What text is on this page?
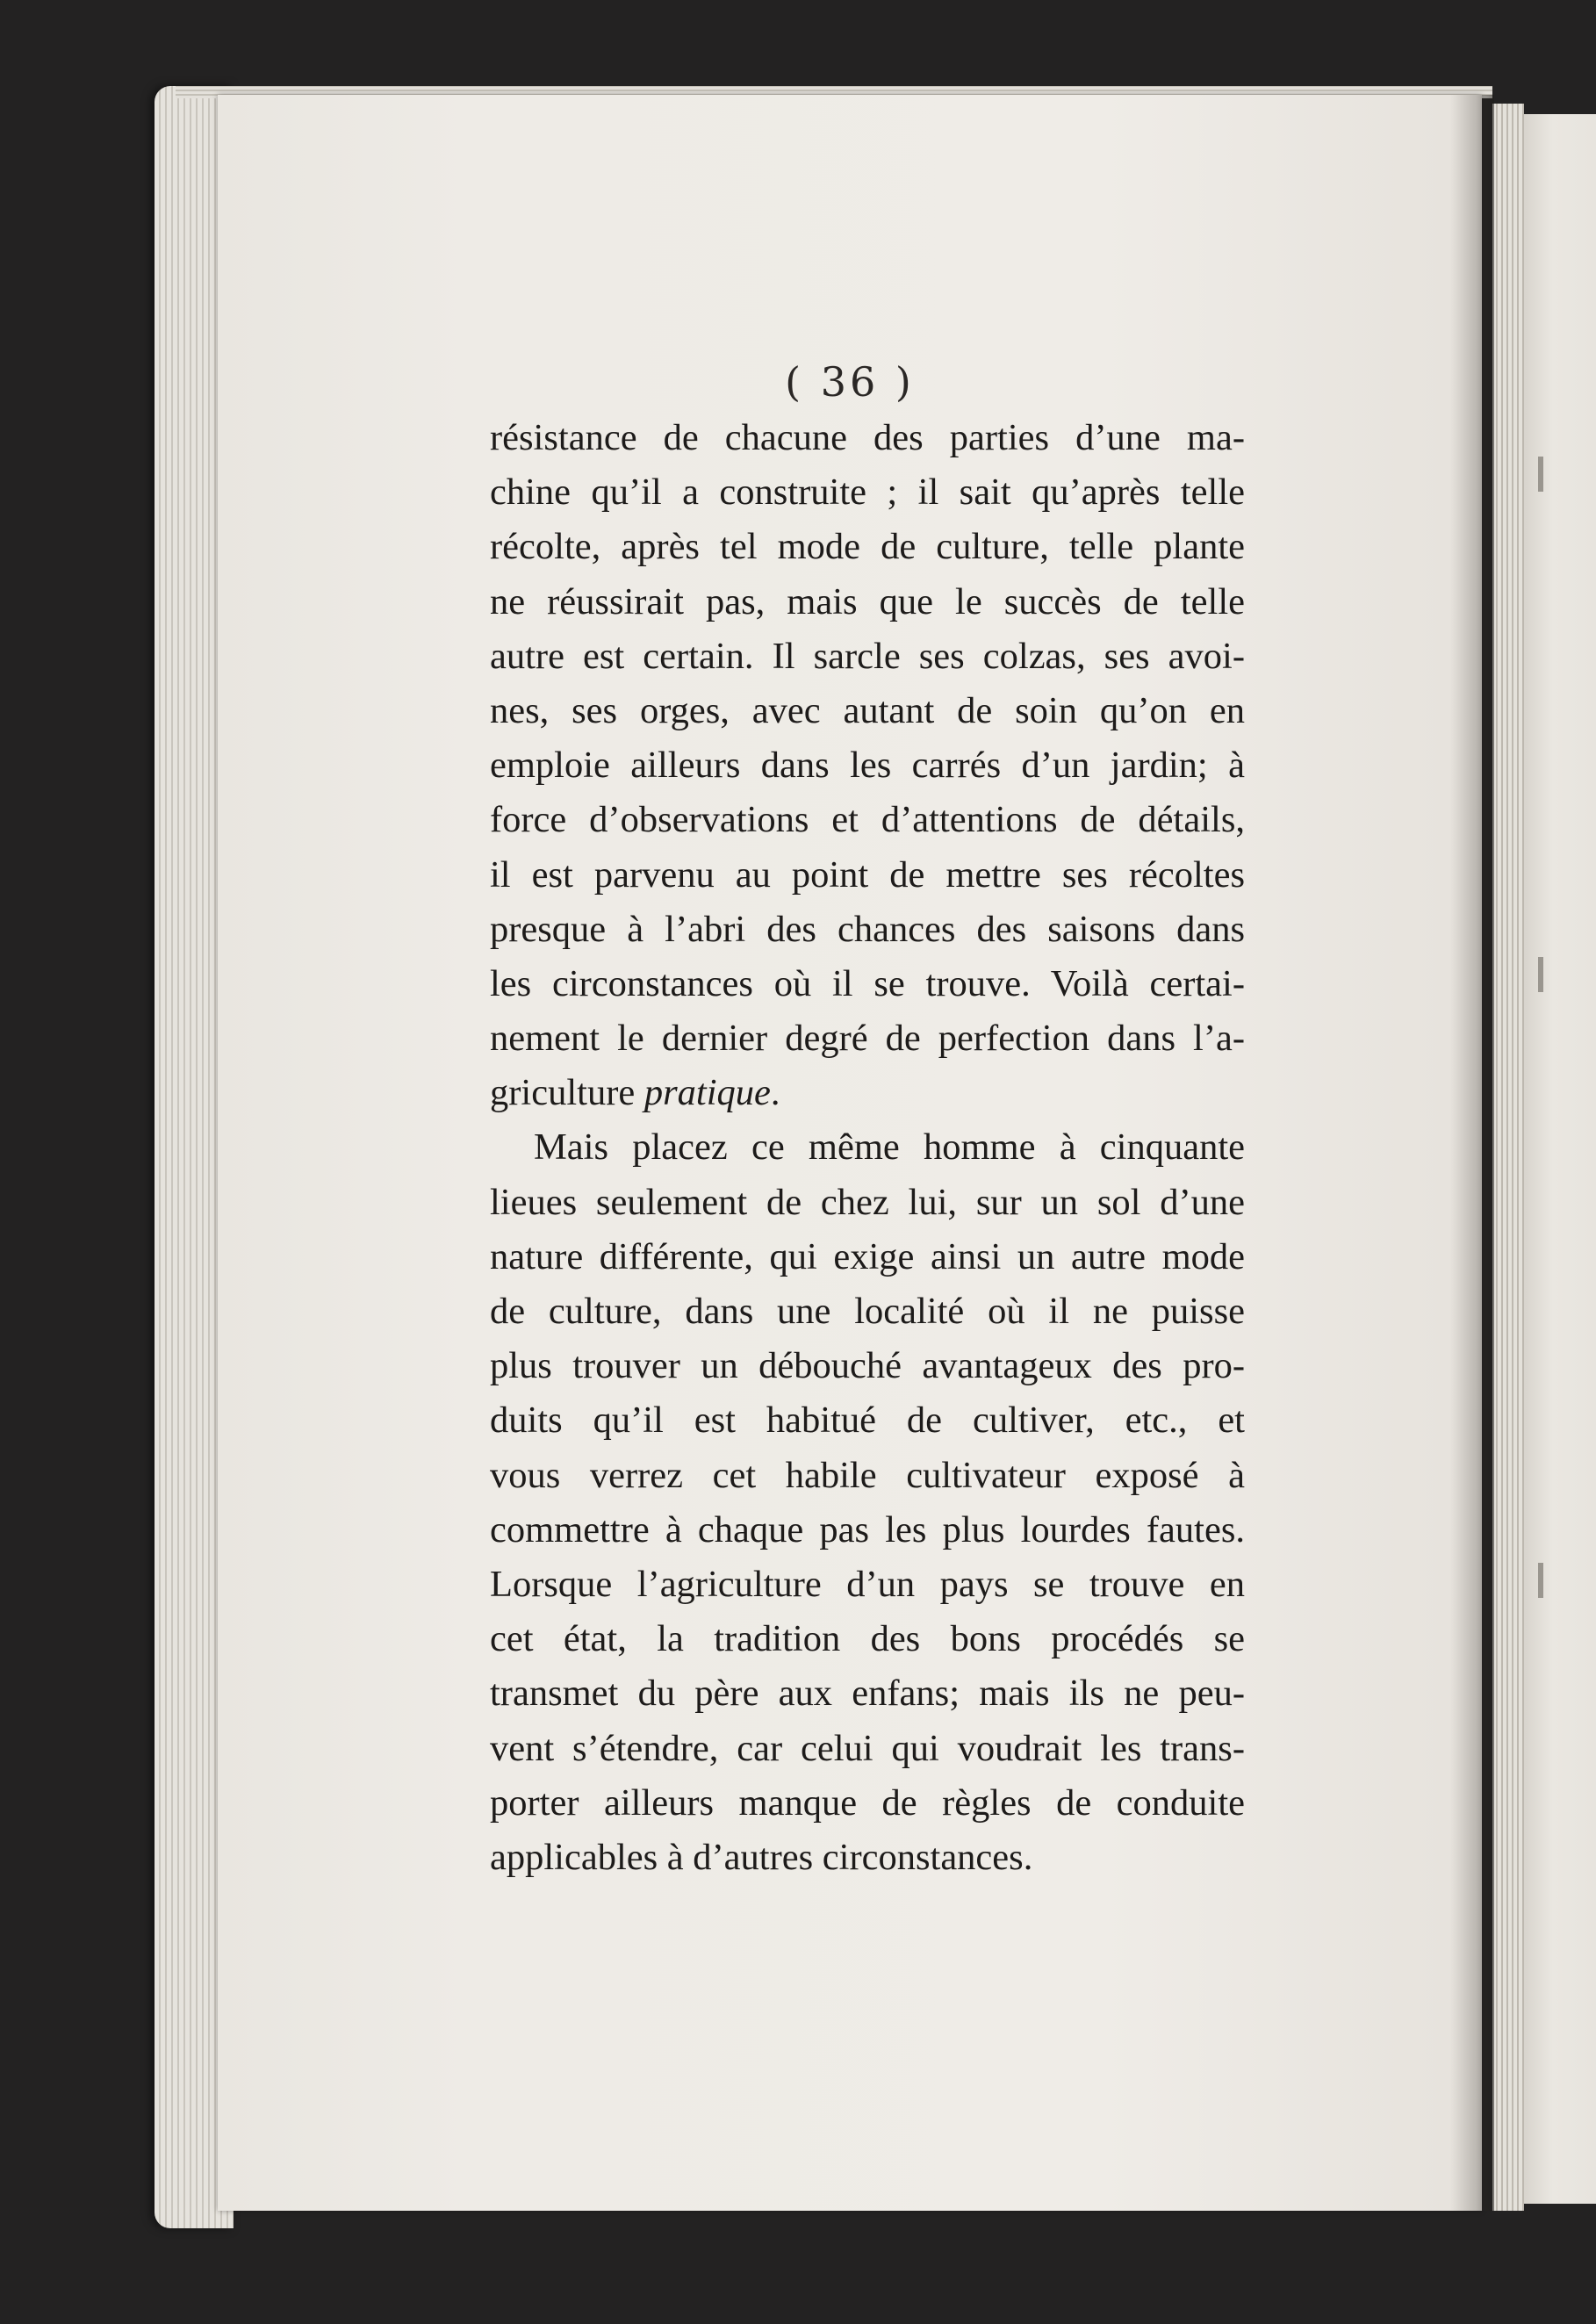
( 36 )
résistance de chacune des parties d’une ma-
chine qu’il a construite ; il sait qu’après telle
récolte, après tel mode de culture, telle plante
ne réussirait pas, mais que le succès de telle
autre est certain. Il sarcle ses colzas, ses avoi-
nes, ses orges, avec autant de soin qu’on en
emploie ailleurs dans les carrés d’un jardin; à
force d’observations et d’attentions de détails,
il est parvenu au point de mettre ses récoltes
presque à l’abri des chances des saisons dans
les circonstances où il se trouve. Voilà certai-
nement le dernier degré de perfection dans l’a-
griculture pratique.
Mais placez ce même homme à cinquante
lieues seulement de chez lui, sur un sol d’une
nature différente, qui exige ainsi un autre mode
de culture, dans une localité où il ne puisse
plus trouver un débouché avantageux des pro-
duits qu’il est habitué de cultiver, etc., et
vous verrez cet habile cultivateur exposé à
commettre à chaque pas les plus lourdes fautes.
Lorsque l’agriculture d’un pays se trouve en
cet état, la tradition des bons procédés se
transmet du père aux enfans; mais ils ne peu-
vent s’étendre, car celui qui voudrait les trans-
porter ailleurs manque de règles de conduite
applicables à d’autres circonstances.
